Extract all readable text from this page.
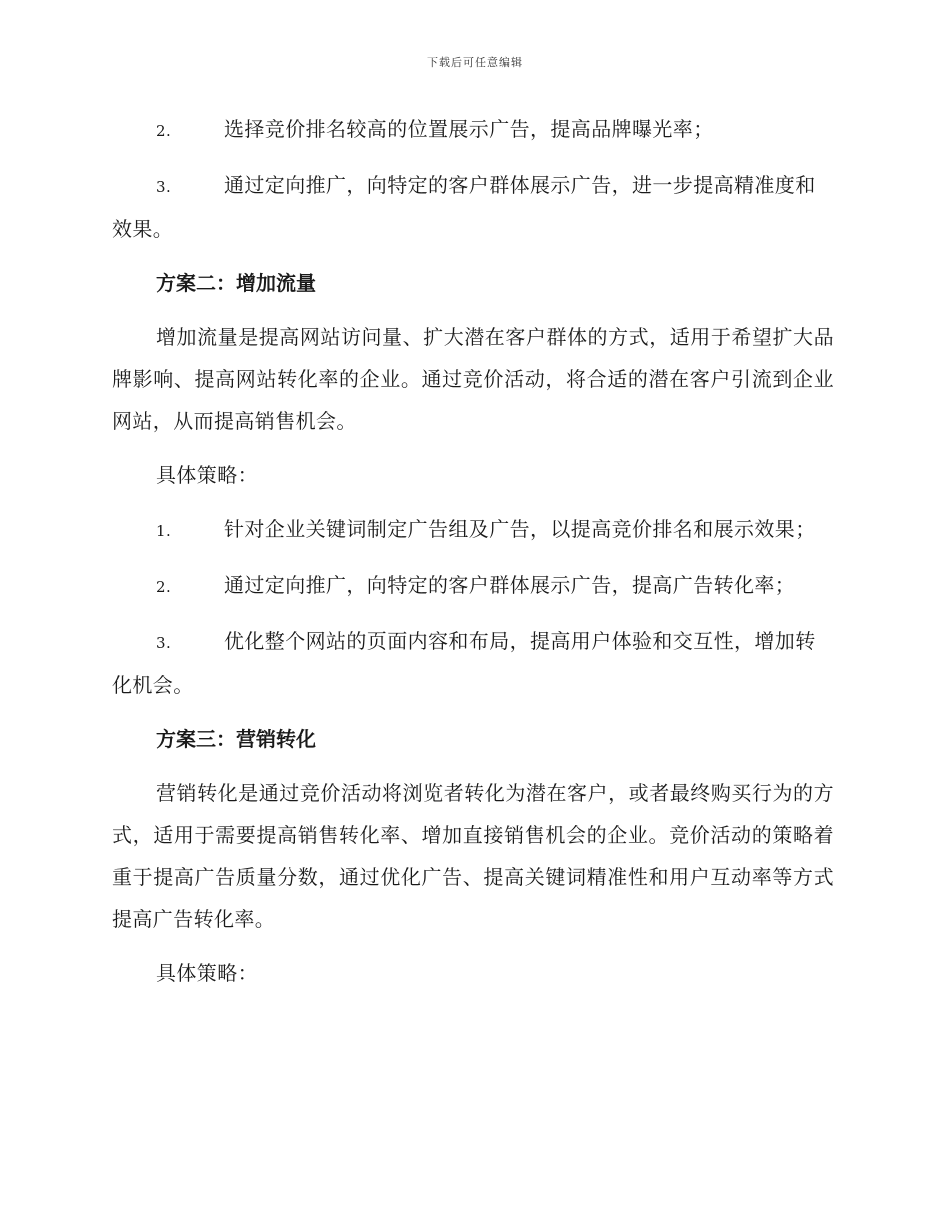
下载后可任意编辑

2.	选择竞价排名较高的位置展示广告，提高品牌曝光率；

3.	通过定向推广，向特定的客户群体展示广告，进一步提高精准度和效果。

方案二：增加流量

增加流量是提高网站访问量、扩大潜在客户群体的方式，适用于希望扩大品牌影响、提高网站转化率的企业。通过竞价活动，将合适的潜在客户引流到企业网站，从而提高销售机会。

具体策略：

1.	针对企业关键词制定广告组及广告，以提高竞价排名和展示效果；

2.	通过定向推广，向特定的客户群体展示广告，提高广告转化率；

3.	优化整个网站的页面内容和布局，提高用户体验和交互性，增加转化机会。

方案三：营销转化

营销转化是通过竞价活动将浏览者转化为潜在客户，或者最终购买行为的方式，适用于需要提高销售转化率、增加直接销售机会的企业。竞价活动的策略着重于提高广告质量分数，通过优化广告、提高关键词精准性和用户互动率等方式提高广告转化率。

具体策略：
